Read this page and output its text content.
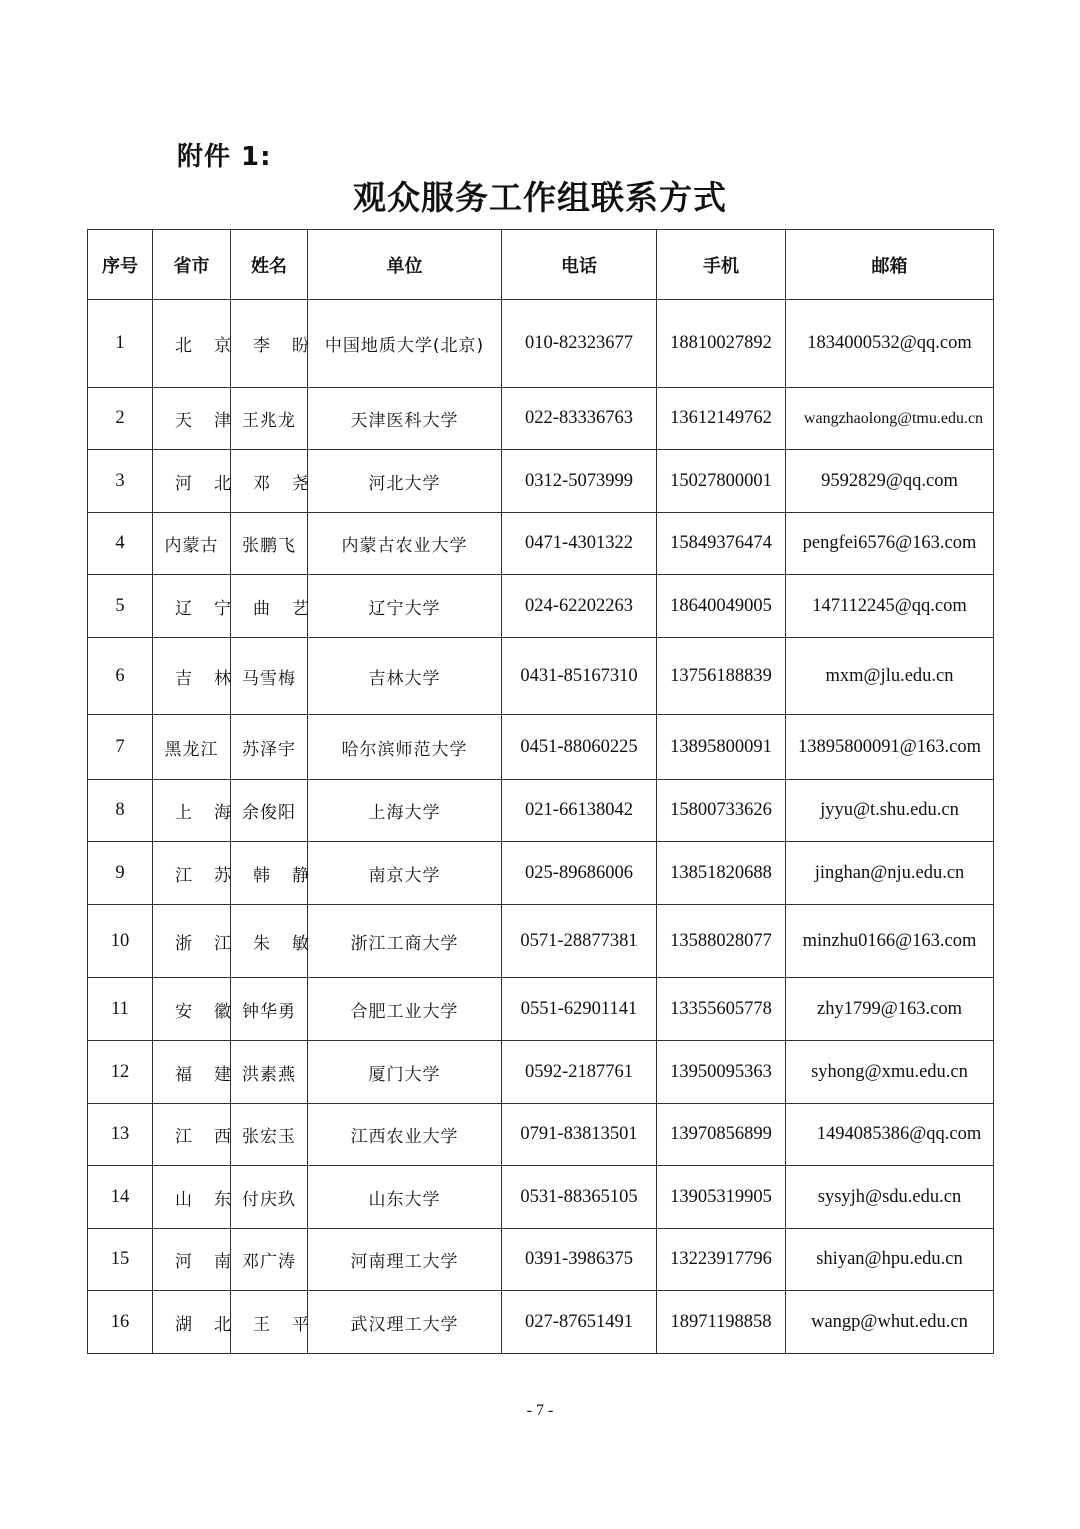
附件 1:
观众服务工作组联系方式
序号	省市	姓名	单位	电话	手机	邮箱
1	北京	李盼	中国地质大学(北京)	010-82323677	18810027892	1834000532@qq.com
2	天津	王兆龙	天津医科大学	022-83336763	13612149762	wangzhaolong@tmu.edu.cn
3	河北	邓尧	河北大学	0312-5073999	15027800001	9592829@qq.com
4	内蒙古	张鹏飞	内蒙古农业大学	0471-4301322	15849376474	pengfei6576@163.com
5	辽宁	曲艺	辽宁大学	024-62202263	18640049005	147112245@qq.com
6	吉林	马雪梅	吉林大学	0431-85167310	13756188839	mxm@jlu.edu.cn
7	黑龙江	苏泽宇	哈尔滨师范大学	0451-88060225	13895800091	13895800091@163.com
8	上海	余俊阳	上海大学	021-66138042	15800733626	jyyu@t.shu.edu.cn
9	江苏	韩静	南京大学	025-89686006	13851820688	jinghan@nju.edu.cn
10	浙江	朱敏	浙江工商大学	0571-28877381	13588028077	minzhu0166@163.com
11	安徽	钟华勇	合肥工业大学	0551-62901141	13355605778	zhy1799@163.com
12	福建	洪素燕	厦门大学	0592-2187761	13950095363	syhong@xmu.edu.cn
13	江西	张宏玉	江西农业大学	0791-83813501	13970856899	1494085386@qq.com
14	山东	付庆玖	山东大学	0531-88365105	13905319905	sysyjh@sdu.edu.cn
15	河南	邓广涛	河南理工大学	0391-3986375	13223917796	shiyan@hpu.edu.cn
16	湖北	王平	武汉理工大学	027-87651491	18971198858	wangp@whut.edu.cn
- 7 -
